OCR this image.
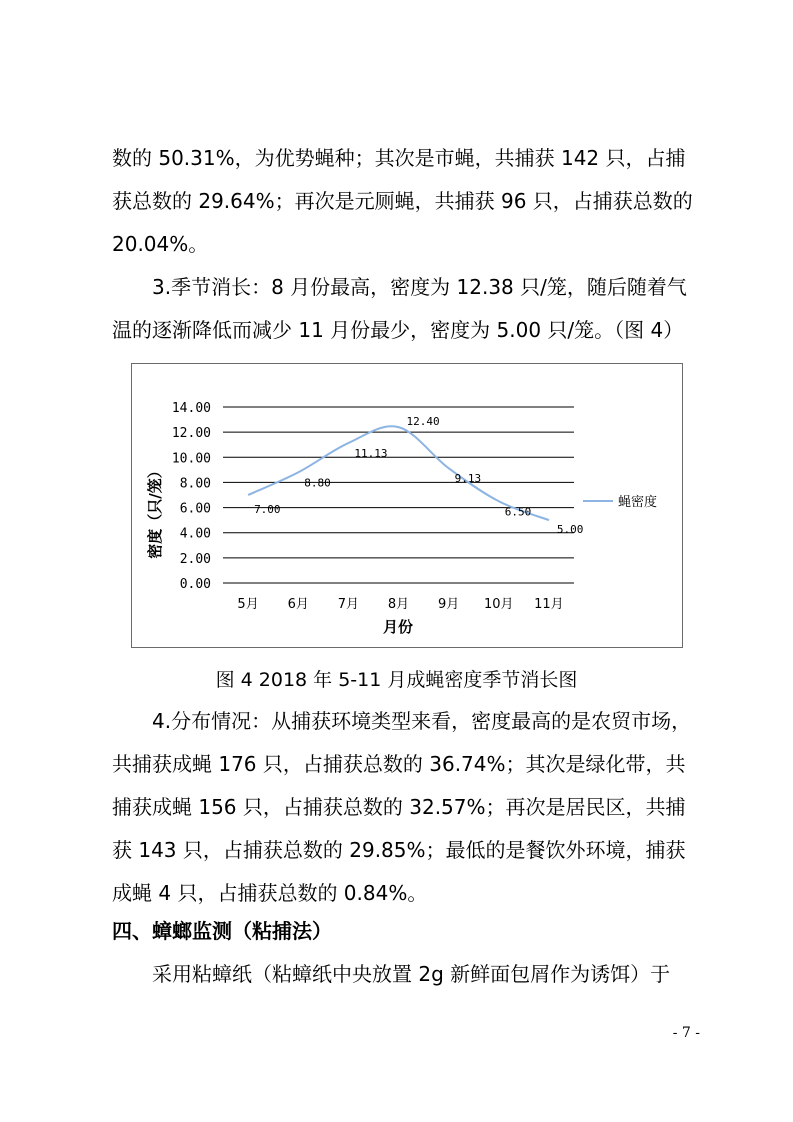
数的 50.31%，为优势蝇种；其次是市蝇，共捕获 142 只，占捕获总数的 29.64%；再次是元厕蝇，共捕获 96 只，占捕获总数的 20.04%。

3.季节消长：8 月份最高，密度为 12.38 只/笼，随后随着气温的逐渐降低而减少 11 月份最少，密度为 5.00 只/笼。（图 4）

0.00
2.00
4.00
6.00
8.00
10.00
12.00
14.00
5月 6月 7月 8月 9月 10月 11月
7.00
8.80
11.13
12.40
9.13
6.50
5.00
密度（只/笼）
月份
蝇密度
图 4 2018 年 5-11 月成蝇密度季节消长图

4.分布情况：从捕获环境类型来看，密度最高的是农贸市场，共捕获成蝇 176 只，占捕获总数的 36.74%；其次是绿化带，共捕获成蝇 156 只，占捕获总数的 32.57%；再次是居民区，共捕获 143 只，占捕获总数的 29.85%；最低的是餐饮外环境，捕获成蝇 4 只，占捕获总数的 0.84%。

四、蟑螂监测（粘捕法）

采用粘蟑纸（粘蟑纸中央放置 2g 新鲜面包屑作为诱饵）于

- 7 -
